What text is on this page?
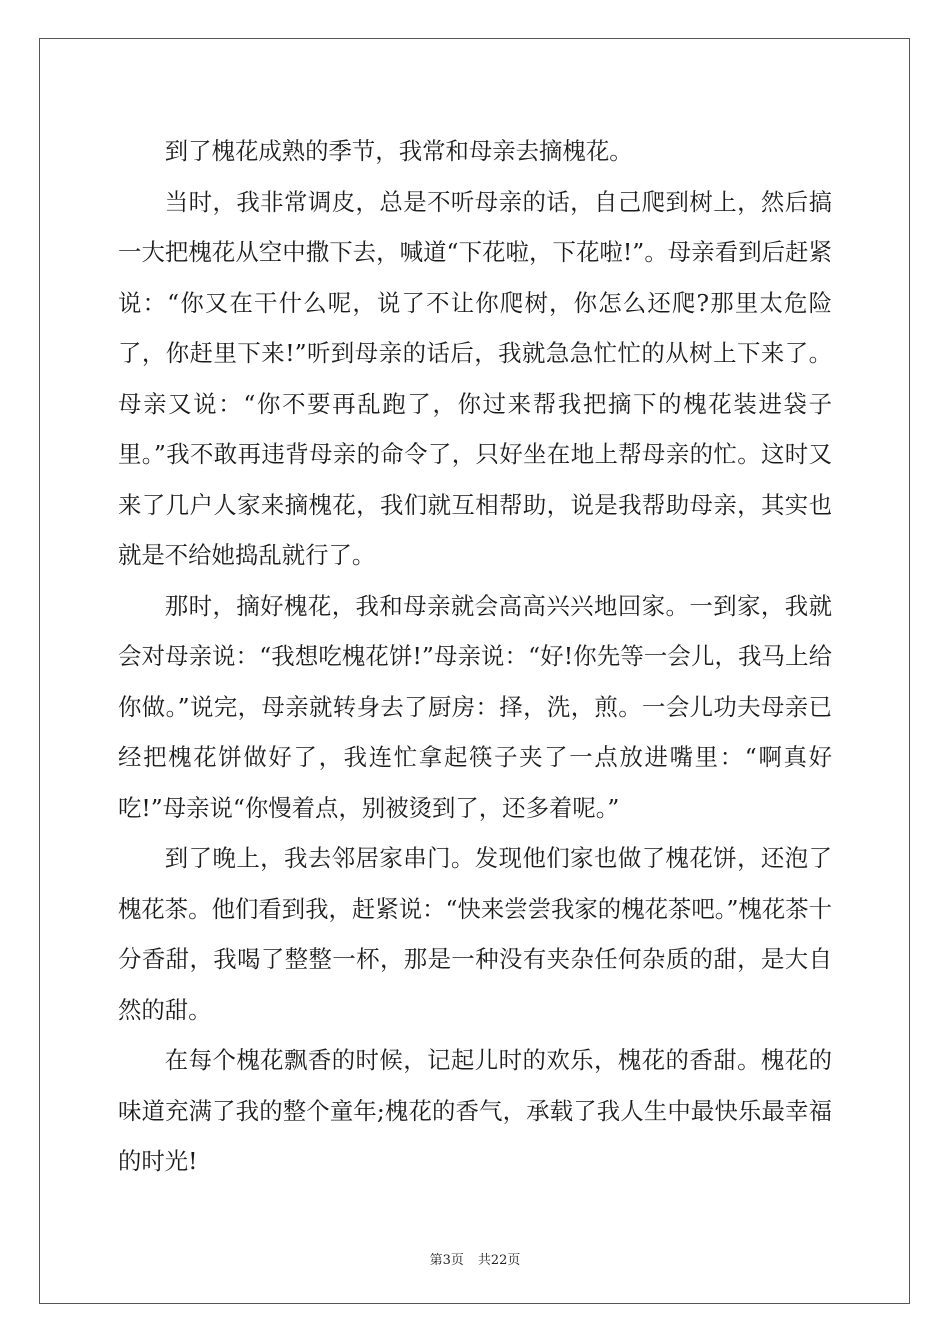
到了槐花成熟的季节，我常和母亲去摘槐花。

当时，我非常调皮，总是不听母亲的话，自己爬到树上，然后搞一大把槐花从空中撒下去，喊道“下花啦，下花啦!”。母亲看到后赶紧说：“你又在干什么呢，说了不让你爬树，你怎么还爬?那里太危险了，你赶里下来!”听到母亲的话后，我就急急忙忙的从树上下来了。母亲又说：“你不要再乱跑了，你过来帮我把摘下的槐花装进袋子里。”我不敢再违背母亲的命令了，只好坐在地上帮母亲的忙。这时又来了几户人家来摘槐花，我们就互相帮助，说是我帮助母亲，其实也就是不给她捣乱就行了。

那时，摘好槐花，我和母亲就会高高兴兴地回家。一到家，我就会对母亲说：“我想吃槐花饼!”母亲说：“好!你先等一会儿，我马上给你做。”说完，母亲就转身去了厨房：择，洗，煎。一会儿功夫母亲已经把槐花饼做好了，我连忙拿起筷子夹了一点放进嘴里：“啊真好吃!”母亲说“你慢着点，别被烫到了，还多着呢。”

到了晚上，我去邻居家串门。发现他们家也做了槐花饼，还泡了槐花茶。他们看到我，赶紧说：“快来尝尝我家的槐花茶吧。”槐花茶十分香甜，我喝了整整一杯，那是一种没有夹杂任何杂质的甜，是大自然的甜。

在每个槐花飘香的时候，记起儿时的欢乐，槐花的香甜。槐花的味道充满了我的整个童年;槐花的香气，承载了我人生中最快乐最幸福的时光!

第3页 共22页
